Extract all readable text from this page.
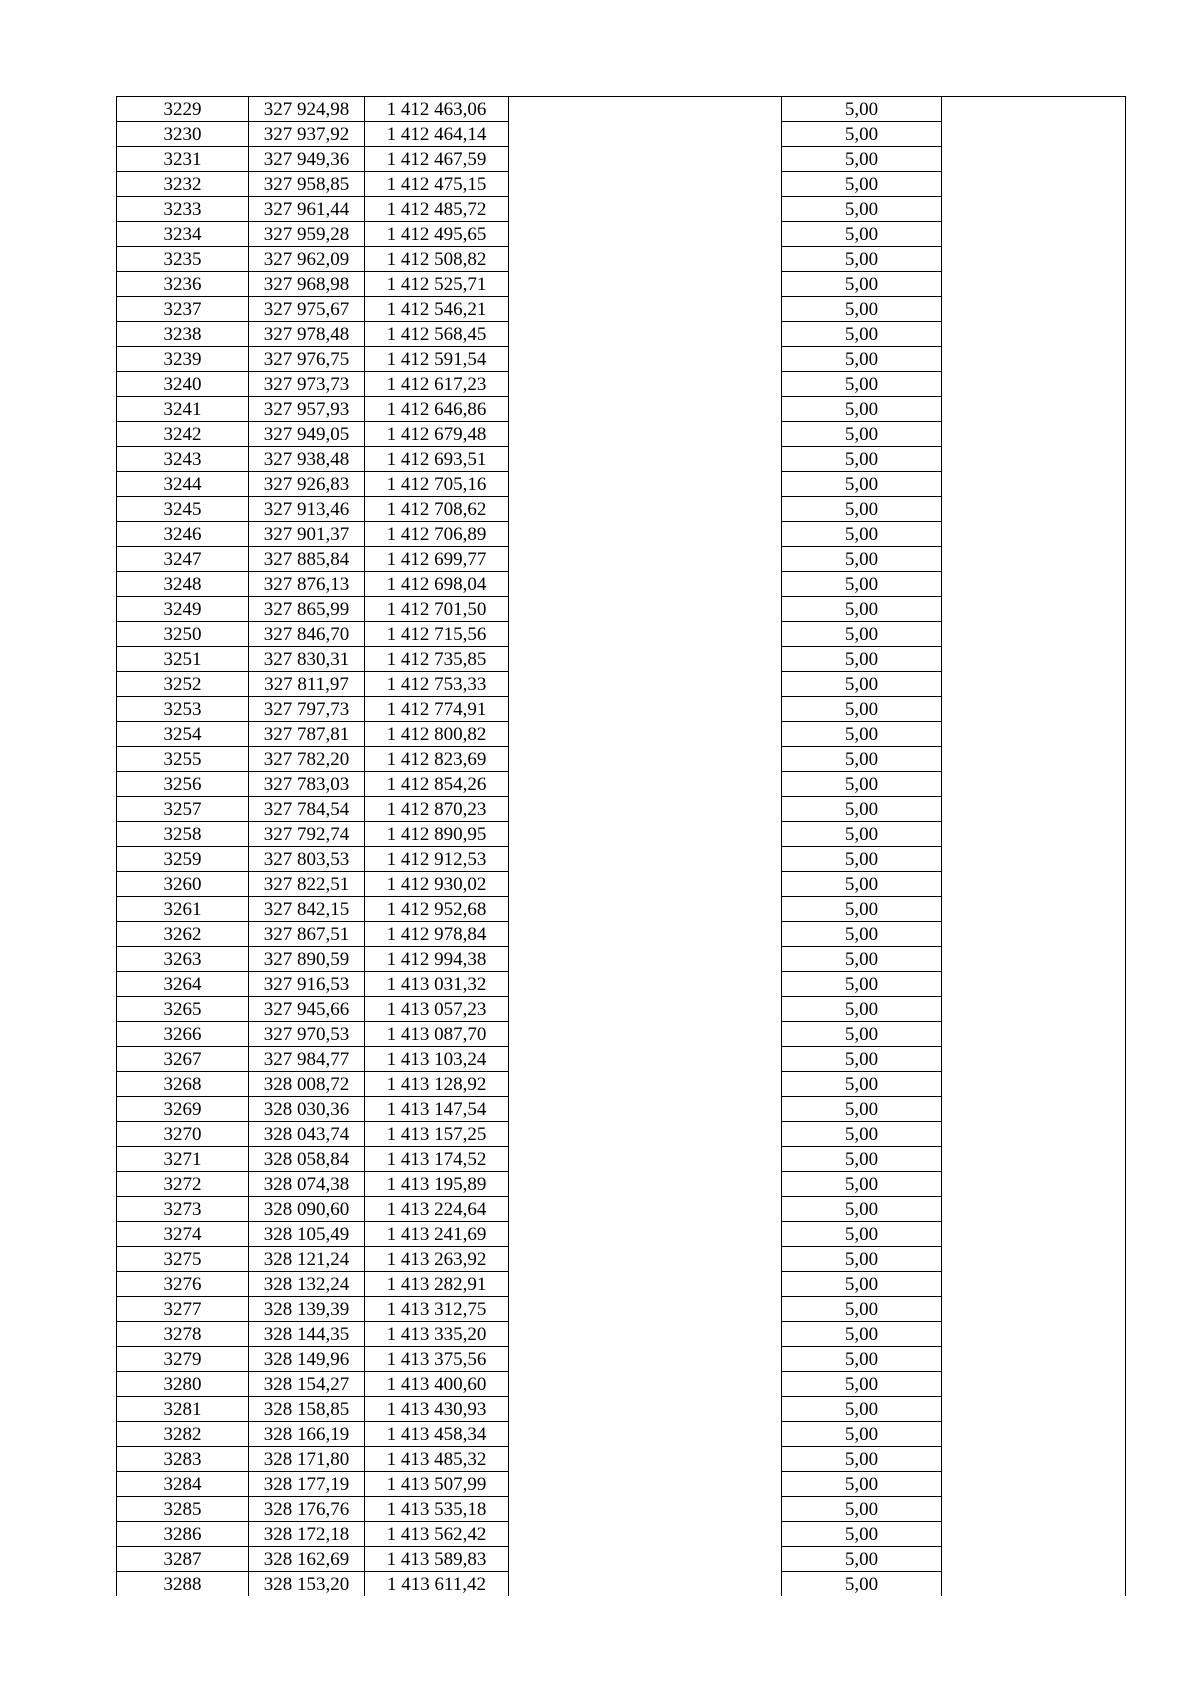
3229	327 924,98	1 412 463,06		5,00	
3230	327 937,92	1 412 464,14		5,00	
3231	327 949,36	1 412 467,59		5,00	
3232	327 958,85	1 412 475,15		5,00	
3233	327 961,44	1 412 485,72		5,00	
3234	327 959,28	1 412 495,65		5,00	
3235	327 962,09	1 412 508,82		5,00	
3236	327 968,98	1 412 525,71		5,00	
3237	327 975,67	1 412 546,21		5,00	
3238	327 978,48	1 412 568,45		5,00	
3239	327 976,75	1 412 591,54		5,00	
3240	327 973,73	1 412 617,23		5,00	
3241	327 957,93	1 412 646,86		5,00	
3242	327 949,05	1 412 679,48		5,00	
3243	327 938,48	1 412 693,51		5,00	
3244	327 926,83	1 412 705,16		5,00	
3245	327 913,46	1 412 708,62		5,00	
3246	327 901,37	1 412 706,89		5,00	
3247	327 885,84	1 412 699,77		5,00	
3248	327 876,13	1 412 698,04		5,00	
3249	327 865,99	1 412 701,50		5,00	
3250	327 846,70	1 412 715,56		5,00	
3251	327 830,31	1 412 735,85		5,00	
3252	327 811,97	1 412 753,33		5,00	
3253	327 797,73	1 412 774,91		5,00	
3254	327 787,81	1 412 800,82		5,00	
3255	327 782,20	1 412 823,69		5,00	
3256	327 783,03	1 412 854,26		5,00	
3257	327 784,54	1 412 870,23		5,00	
3258	327 792,74	1 412 890,95		5,00	
3259	327 803,53	1 412 912,53		5,00	
3260	327 822,51	1 412 930,02		5,00	
3261	327 842,15	1 412 952,68		5,00	
3262	327 867,51	1 412 978,84		5,00	
3263	327 890,59	1 412 994,38		5,00	
3264	327 916,53	1 413 031,32		5,00	
3265	327 945,66	1 413 057,23		5,00	
3266	327 970,53	1 413 087,70		5,00	
3267	327 984,77	1 413 103,24		5,00	
3268	328 008,72	1 413 128,92		5,00	
3269	328 030,36	1 413 147,54		5,00	
3270	328 043,74	1 413 157,25		5,00	
3271	328 058,84	1 413 174,52		5,00	
3272	328 074,38	1 413 195,89		5,00	
3273	328 090,60	1 413 224,64		5,00	
3274	328 105,49	1 413 241,69		5,00	
3275	328 121,24	1 413 263,92		5,00	
3276	328 132,24	1 413 282,91		5,00	
3277	328 139,39	1 413 312,75		5,00	
3278	328 144,35	1 413 335,20		5,00	
3279	328 149,96	1 413 375,56		5,00	
3280	328 154,27	1 413 400,60		5,00	
3281	328 158,85	1 413 430,93		5,00	
3282	328 166,19	1 413 458,34		5,00	
3283	328 171,80	1 413 485,32		5,00	
3284	328 177,19	1 413 507,99		5,00	
3285	328 176,76	1 413 535,18		5,00	
3286	328 172,18	1 413 562,42		5,00	
3287	328 162,69	1 413 589,83		5,00	
3288	328 153,20	1 413 611,42		5,00	
